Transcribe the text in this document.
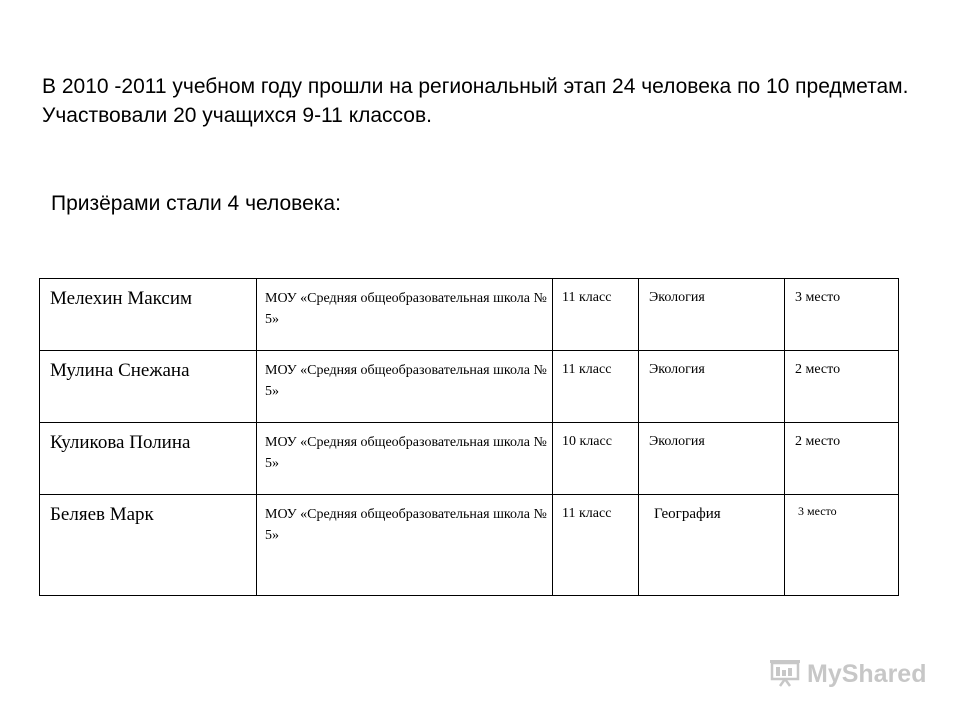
В 2010 -2011 учебном году прошли на региональный этап 24 человека по 10 предметам. Участвовали 20 учащихся 9-11 классов.

Призёрами стали 4 человека:

Мелехин Максим	МОУ «Средняя общеобразовательная школа № 5»	11 класс	Экология	3 место

Мулина Снежана	МОУ «Средняя общеобразовательная школа № 5»	11 класс	Экология	2 место

Куликова Полина	МОУ «Средняя общеобразовательная школа № 5»	10 класс	Экология	2 место

Беляев Марк	МОУ «Средняя общеобразовательная школа № 5»	11 класс	География	3 место
MyShared
